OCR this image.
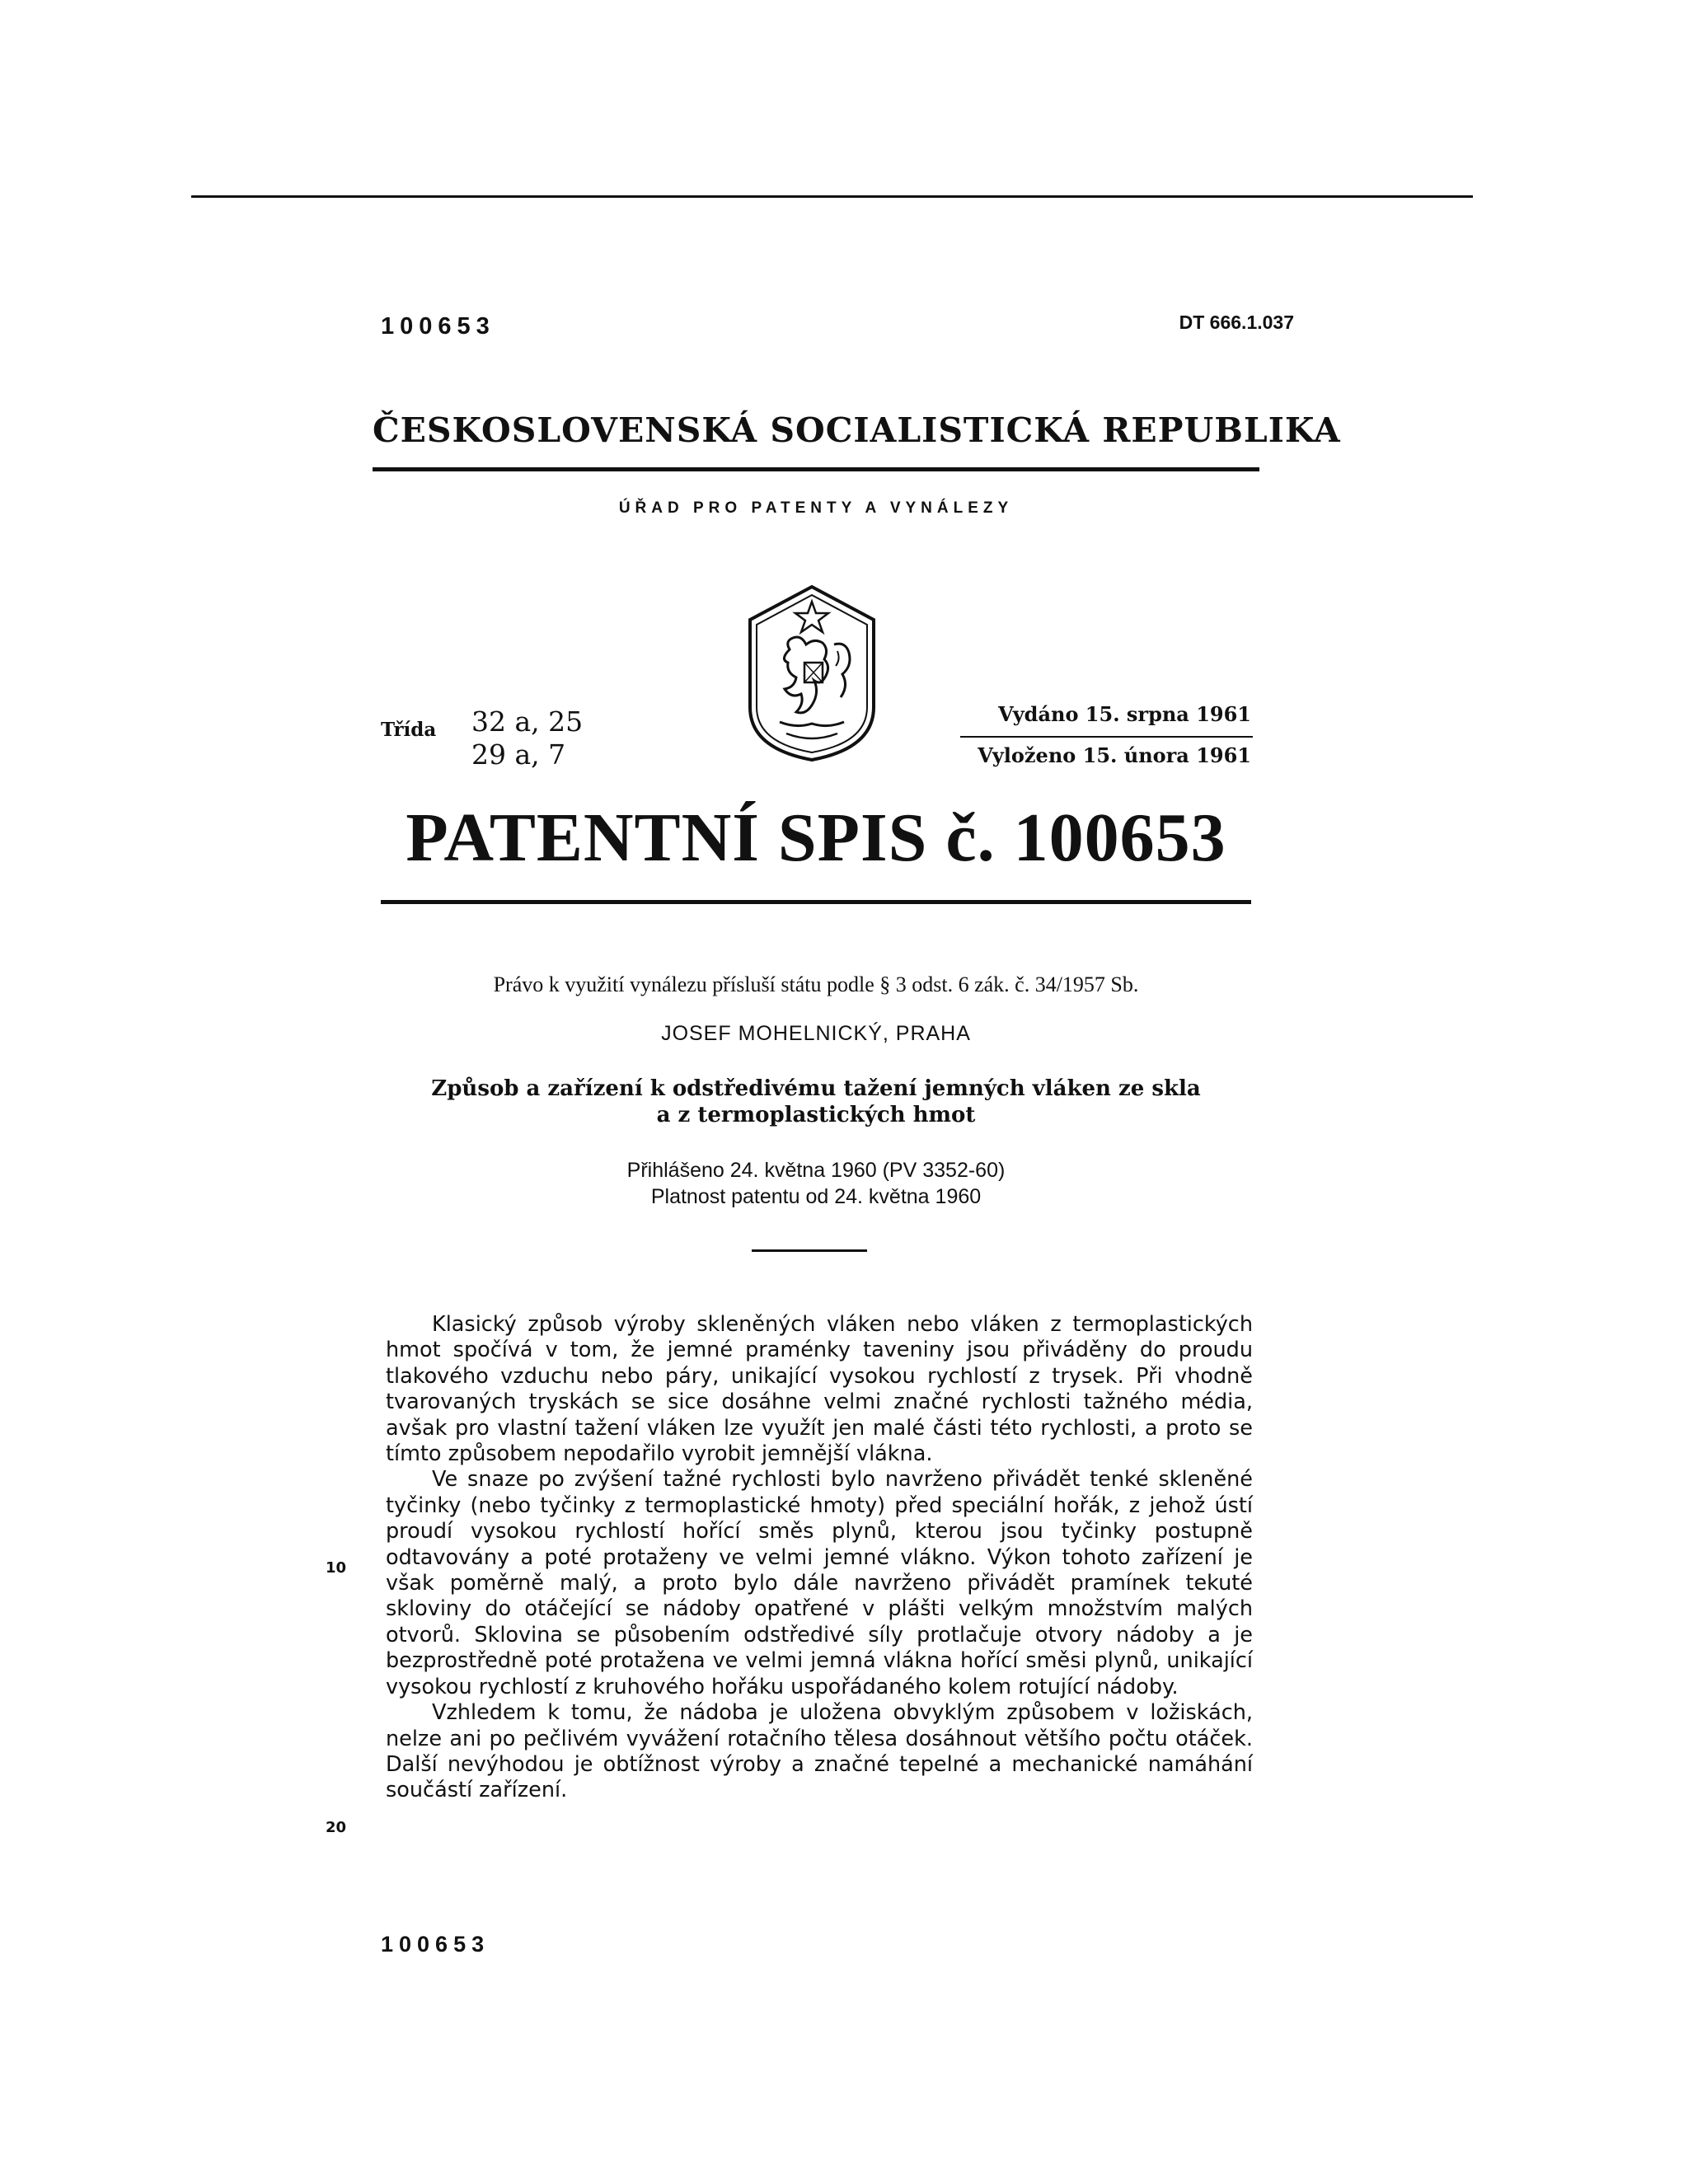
100653	DT 666.1.037
ČESKOSLOVENSKÁ SOCIALISTICKÁ REPUBLIKA
ÚŘAD PRO PATENTY A VYNÁLEZY
Třída 32 a, 25
29 a, 7
Vydáno 15. srpna 1961
Vyloženo 15. února 1961
PATENTNÍ SPIS č. 100653
Právo k využití vynálezu přísluší státu podle § 3 odst. 6 zák. č. 34/1957 Sb.
JOSEF MOHELNICKÝ, PRAHA
Způsob a zařízení k odstředivému tažení jemných vláken ze skla
a z termoplastických hmot
Přihlášeno 24. května 1960 (PV 3352-60)
Platnost patentu od 24. května 1960

Klasický způsob výroby skleněných vláken nebo vláken z termoplastických hmot spočívá v tom, že jemné praménky taveniny jsou přiváděny do proudu tlakového vzduchu nebo páry, unikající vysokou rychlostí z trysek. Při vhodně tvarovaných tryskách se sice dosáhne velmi značné rychlosti tažného média, avšak pro vlastní tažení vláken lze využít jen malé části této rychlosti, a proto se tímto způsobem nepodařilo vyrobit jemnější vlákna.

Ve snaze po zvýšení tažné rychlosti bylo navrženo přivádět tenké skleněné tyčinky (nebo tyčinky z termoplastické hmoty) před speciální hořák, z jehož ústí proudí vysokou rychlostí hořící směs plynů, kterou jsou tyčinky postupně odtavovány a poté protaženy ve velmi jemné vlákno. Výkon tohoto zařízení je však poměrně malý, a proto bylo dále navrženo přivádět pramínek tekuté skloviny do otáčející se nádoby opatřené v plášti velkým množstvím malých otvorů. Sklovina se působením odstředivé síly protlačuje otvory nádoby a je bezprostředně poté protažena ve velmi jemná vlákna hořící směsi plynů, unikající vysokou rychlostí z kruhového hořáku uspořádaného kolem rotující nádoby.

Vzhledem k tomu, že nádoba je uložena obvyklým způsobem v ložiskách, nelze ani po pečlivém vyvážení rotačního tělesa dosáhnout většího počtu otáček. Další nevýhodou je obtížnost výroby a značné tepelné a mechanické namáhání součástí zařízení.

10
20
100653
